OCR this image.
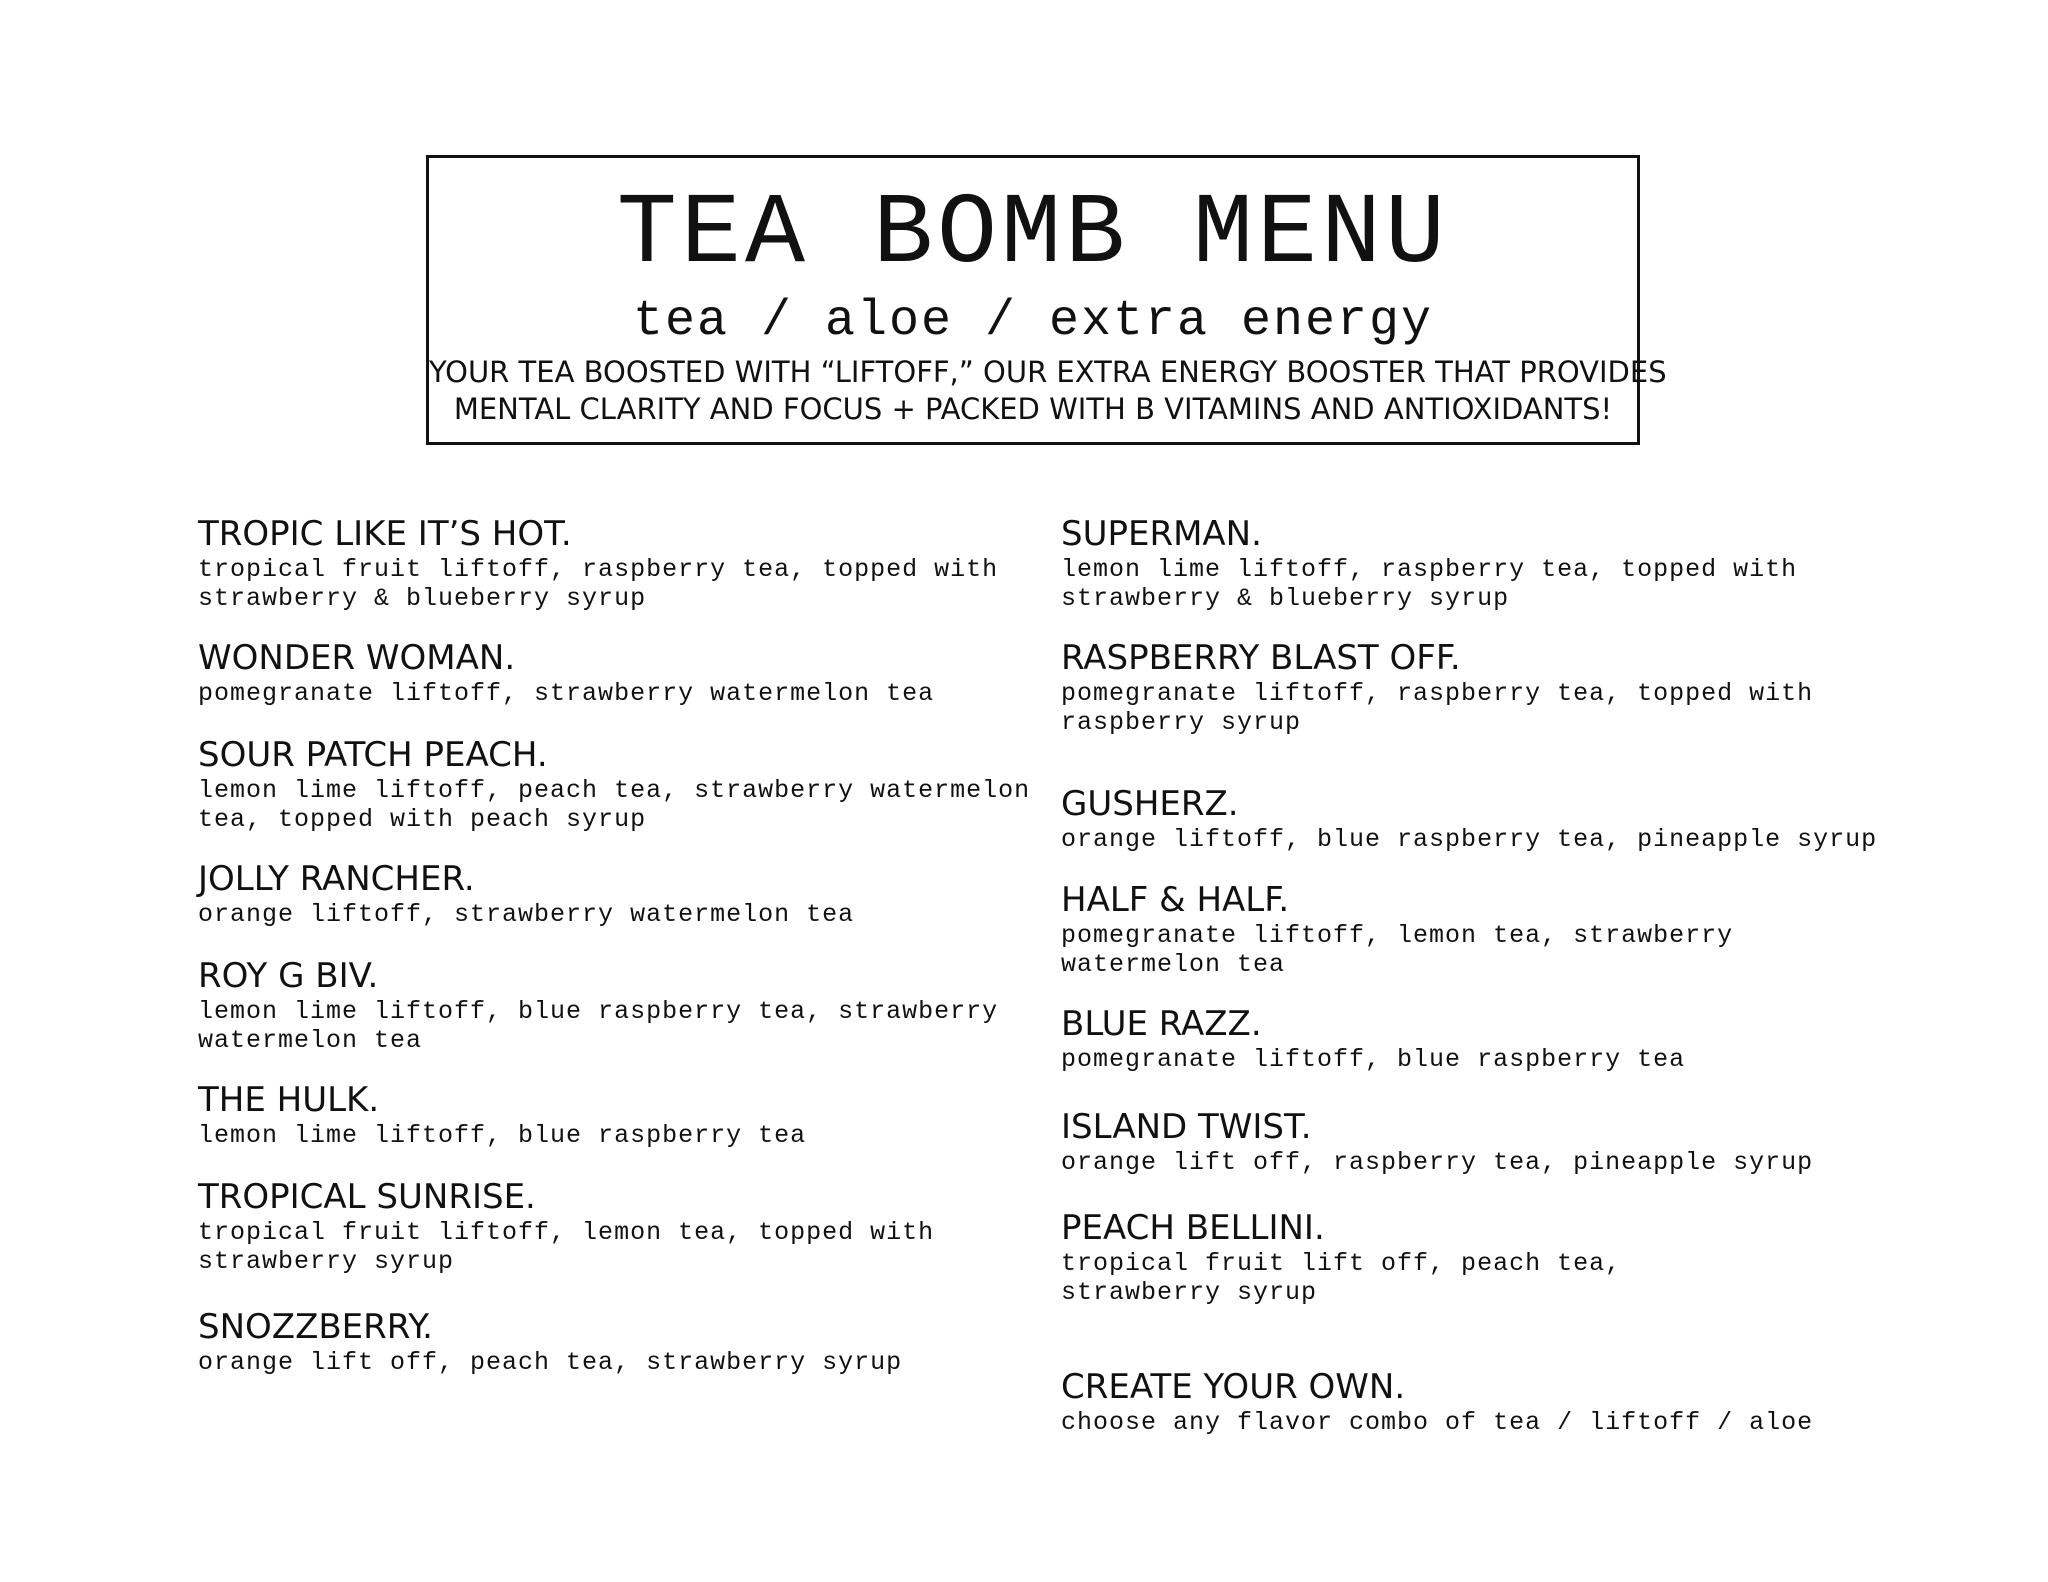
TEA BOMB MENU
tea / aloe / extra energy
YOUR TEA BOOSTED WITH “LIFTOFF,” OUR EXTRA ENERGY BOOSTER THAT PROVIDES
MENTAL CLARITY AND FOCUS + PACKED WITH B VITAMINS AND ANTIOXIDANTS!
TROPIC LIKE IT’S HOT.
tropical fruit liftoff, raspberry tea, topped with strawberry & blueberry syrup
WONDER WOMAN.
pomegranate liftoff, strawberry watermelon tea
SOUR PATCH PEACH.
lemon lime liftoff, peach tea, strawberry watermelon tea, topped with peach syrup
JOLLY RANCHER.
orange liftoff, strawberry watermelon tea
ROY G BIV.
lemon lime liftoff, blue raspberry tea, strawberry watermelon tea
THE HULK.
lemon lime liftoff, blue raspberry tea
TROPICAL SUNRISE.
tropical fruit liftoff, lemon tea, topped with strawberry syrup
SNOZZBERRY.
orange lift off, peach tea, strawberry syrup
SUPERMAN.
lemon lime liftoff, raspberry tea, topped with strawberry & blueberry syrup
RASPBERRY BLAST OFF.
pomegranate liftoff, raspberry tea, topped with raspberry syrup
GUSHERZ.
orange liftoff, blue raspberry tea, pineapple syrup
HALF & HALF.
pomegranate liftoff, lemon tea, strawberry watermelon tea
BLUE RAZZ.
pomegranate liftoff, blue raspberry tea
ISLAND TWIST.
orange lift off, raspberry tea, pineapple syrup
PEACH BELLINI.
tropical fruit lift off, peach tea, strawberry syrup
CREATE YOUR OWN.
choose any flavor combo of tea / liftoff / aloe
